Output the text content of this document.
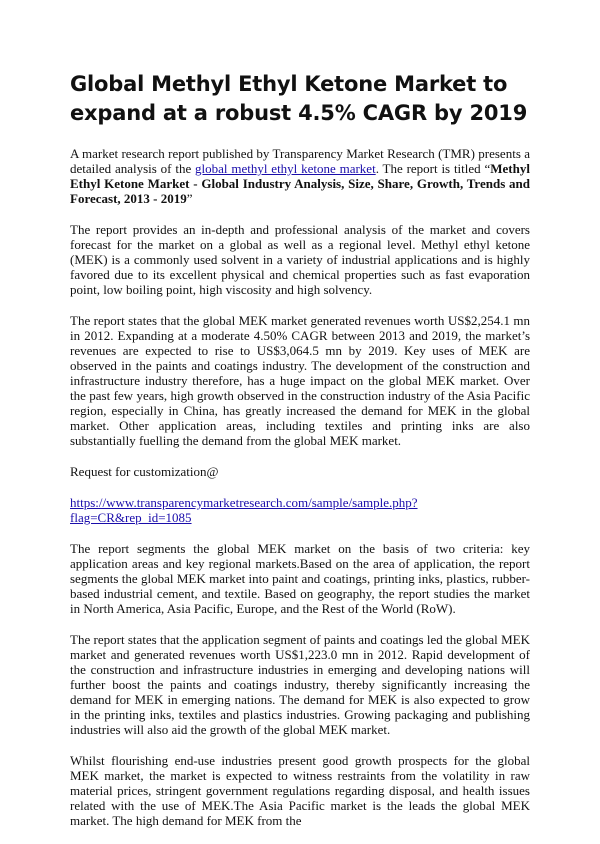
Global Methyl Ethyl Ketone Market to expand at a robust 4.5% CAGR by 2019

A market research report published by Transparency Market Research (TMR) presents a detailed analysis of the global methyl ethyl ketone market. The report is titled “Methyl Ethyl Ketone Market - Global Industry Analysis, Size, Share, Growth, Trends and Forecast, 2013 - 2019”

The report provides an in-depth and professional analysis of the market and covers forecast for the market on a global as well as a regional level. Methyl ethyl ketone (MEK) is a commonly used solvent in a variety of industrial applications and is highly favored due to its excellent physical and chemical properties such as fast evaporation point, low boiling point, high viscosity and high solvency.

The report states that the global MEK market generated revenues worth US$2,254.1 mn in 2012. Expanding at a moderate 4.50% CAGR between 2013 and 2019, the market’s revenues are expected to rise to US$3,064.5 mn by 2019. Key uses of MEK are observed in the paints and coatings industry. The development of the construction and infrastructure industry therefore, has a huge impact on the global MEK market. Over the past few years, high growth observed in the construction industry of the Asia Pacific region, especially in China, has greatly increased the demand for MEK in the global market. Other application areas, including textiles and printing inks are also substantially fuelling the demand from the global MEK market.

Request for customization@

https://www.transparencymarketresearch.com/sample/sample.php?flag=CR&rep_id=1085

The report segments the global MEK market on the basis of two criteria: key application areas and key regional markets.Based on the area of application, the report segments the global MEK market into paint and coatings, printing inks, plastics, rubber-based industrial cement, and textile. Based on geography, the report studies the market in North America, Asia Pacific, Europe, and the Rest of the World (RoW).

The report states that the application segment of paints and coatings led the global MEK market and generated revenues worth US$1,223.0 mn in 2012. Rapid development of the construction and infrastructure industries in emerging and developing nations will further boost the paints and coatings industry, thereby significantly increasing the demand for MEK in emerging nations. The demand for MEK is also expected to grow in the printing inks, textiles and plastics industries. Growing packaging and publishing industries will also aid the growth of the global MEK market.

Whilst flourishing end-use industries present good growth prospects for the global MEK market, the market is expected to witness restraints from the volatility in raw material prices, stringent government regulations regarding disposal, and health issues related with the use of MEK.The Asia Pacific market is the leads the global MEK market. The high demand for MEK from the
